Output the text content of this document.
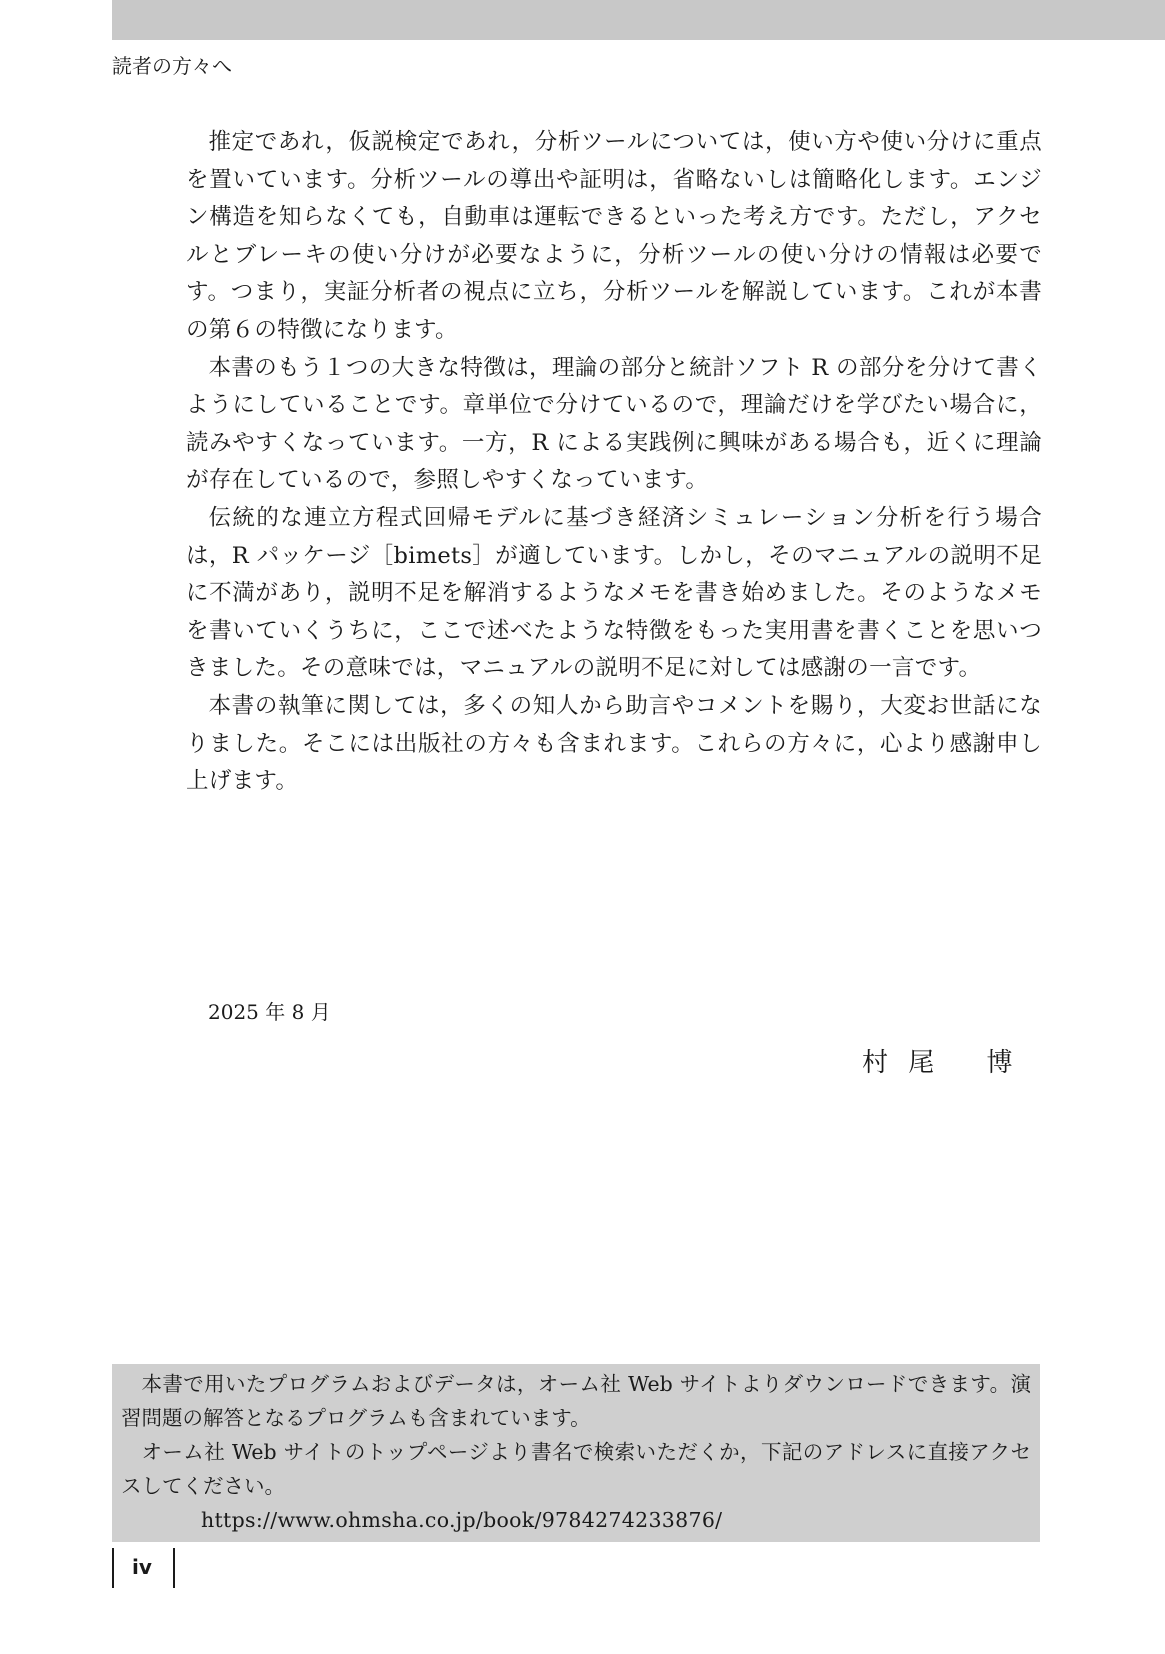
読者の方々へ

推定であれ，仮説検定であれ，分析ツールについては，使い方や使い分けに重点を置いています。分析ツールの導出や証明は，省略ないしは簡略化します。エンジン構造を知らなくても，自動車は運転できるといった考え方です。ただし，アクセルとブレーキの使い分けが必要なように，分析ツールの使い分けの情報は必要です。つまり，実証分析者の視点に立ち，分析ツールを解説しています。これが本書の第６の特徴になります。

本書のもう１つの大きな特徴は，理論の部分と統計ソフト R の部分を分けて書くようにしていることです。章単位で分けているので，理論だけを学びたい場合に，読みやすくなっています。一方，R による実践例に興味がある場合も，近くに理論が存在しているので，参照しやすくなっています。

伝統的な連立方程式回帰モデルに基づき経済シミュレーション分析を行う場合は，R パッケージ［bimets］が適しています。しかし，そのマニュアルの説明不足に不満があり，説明不足を解消するようなメモを書き始めました。そのようなメモを書いていくうちに，ここで述べたような特徴をもった実用書を書くことを思いつきました。その意味では，マニュアルの説明不足に対しては感謝の一言です。

本書の執筆に関しては，多くの知人から助言やコメントを賜り，大変お世話になりました。そこには出版社の方々も含まれます。これらの方々に，心より感謝申し上げます。

2025 年 8 月
村 尾　 博

本書で用いたプログラムおよびデータは，オーム社 Web サイトよりダウンロードできます。演習問題の解答となるプログラムも含まれています。

オーム社 Web サイトのトップページより書名で検索いただくか，下記のアドレスに直接アクセスしてください。

https://www.ohmsha.co.jp/book/9784274233876/

iv
